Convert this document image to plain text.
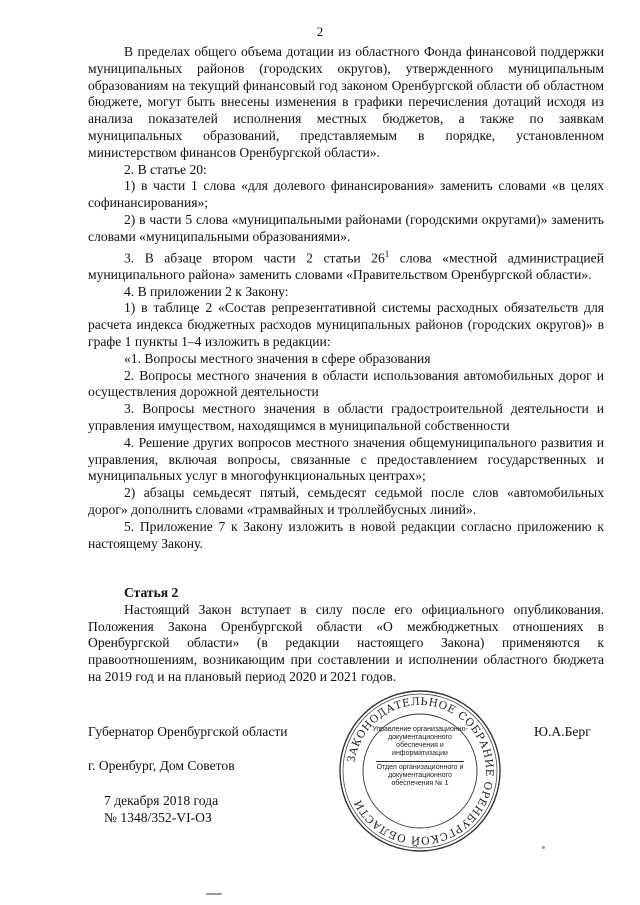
2

В пределах общего объема дотации из областного Фонда финансовой поддержки муниципальных районов (городских округов), утвержденного муниципальным образованиям на текущий финансовый год законом Оренбургской области об областном бюджете, могут быть внесены изменения в графики перечисления дотаций исходя из анализа показателей исполнения местных бюджетов, а также по заявкам муниципальных образований, представляемым в порядке, установленном министерством финансов Оренбургской области».

2. В статье 20:

1) в части 1 слова «для долевого финансирования» заменить словами «в целях софинансирования»;

2) в части 5 слова «муниципальными районами (городскими округами)» заменить словами «муниципальными образованиями».

3. В абзаце втором части 2 статьи $26^1$ слова «местной администрацией муниципального района» заменить словами «Правительством Оренбургской области».

4. В приложении 2 к Закону:

1) в таблице 2 «Состав репрезентативной системы расходных обязательств для расчета индекса бюджетных расходов муниципальных районов (городских округов)» в графе 1 пункты 1–4 изложить в редакции:

«1. Вопросы местного значения в сфере образования

2. Вопросы местного значения в области использования автомобильных дорог и осуществления дорожной деятельности

3. Вопросы местного значения в области градостроительной деятельности и управления имуществом, находящимся в муниципальной собственности

4. Решение других вопросов местного значения общемуниципального развития и управления, включая вопросы, связанные с предоставлением государственных и муниципальных услуг в многофункциональных центрах»;

2) абзацы семьдесят пятый, семьдесят седьмой после слов «автомобильных дорог» дополнить словами «трамвайных и троллейбусных линий».

5. Приложение 7 к Закону изложить в новой редакции согласно приложению к настоящему Закону.

Статья 2

Настоящий Закон вступает в силу после его официального опубликования. Положения Закона Оренбургской области «О межбюджетных отношениях в Оренбургской области» (в редакции настоящего Закона) применяются к правоотношениям, возникающим при составлении и исполнении областного бюджета на 2019 год и на плановый период 2020 и 2021 годов.

Губернатор Оренбургской области	Ю.А.Берг
г. Оренбург, Дом Советов
7 декабря 2018 года
№ 1348/352-VI-ОЗ
ЗАКОНОДАТЕЛЬНОЕ СОБРАНИЕ ОРЕНБУРГСКОЙ ОБЛАСТИ
Управление организационно-документационного обеспечения и информатизации
Отдел организационного и документационного обеспечения № 1
